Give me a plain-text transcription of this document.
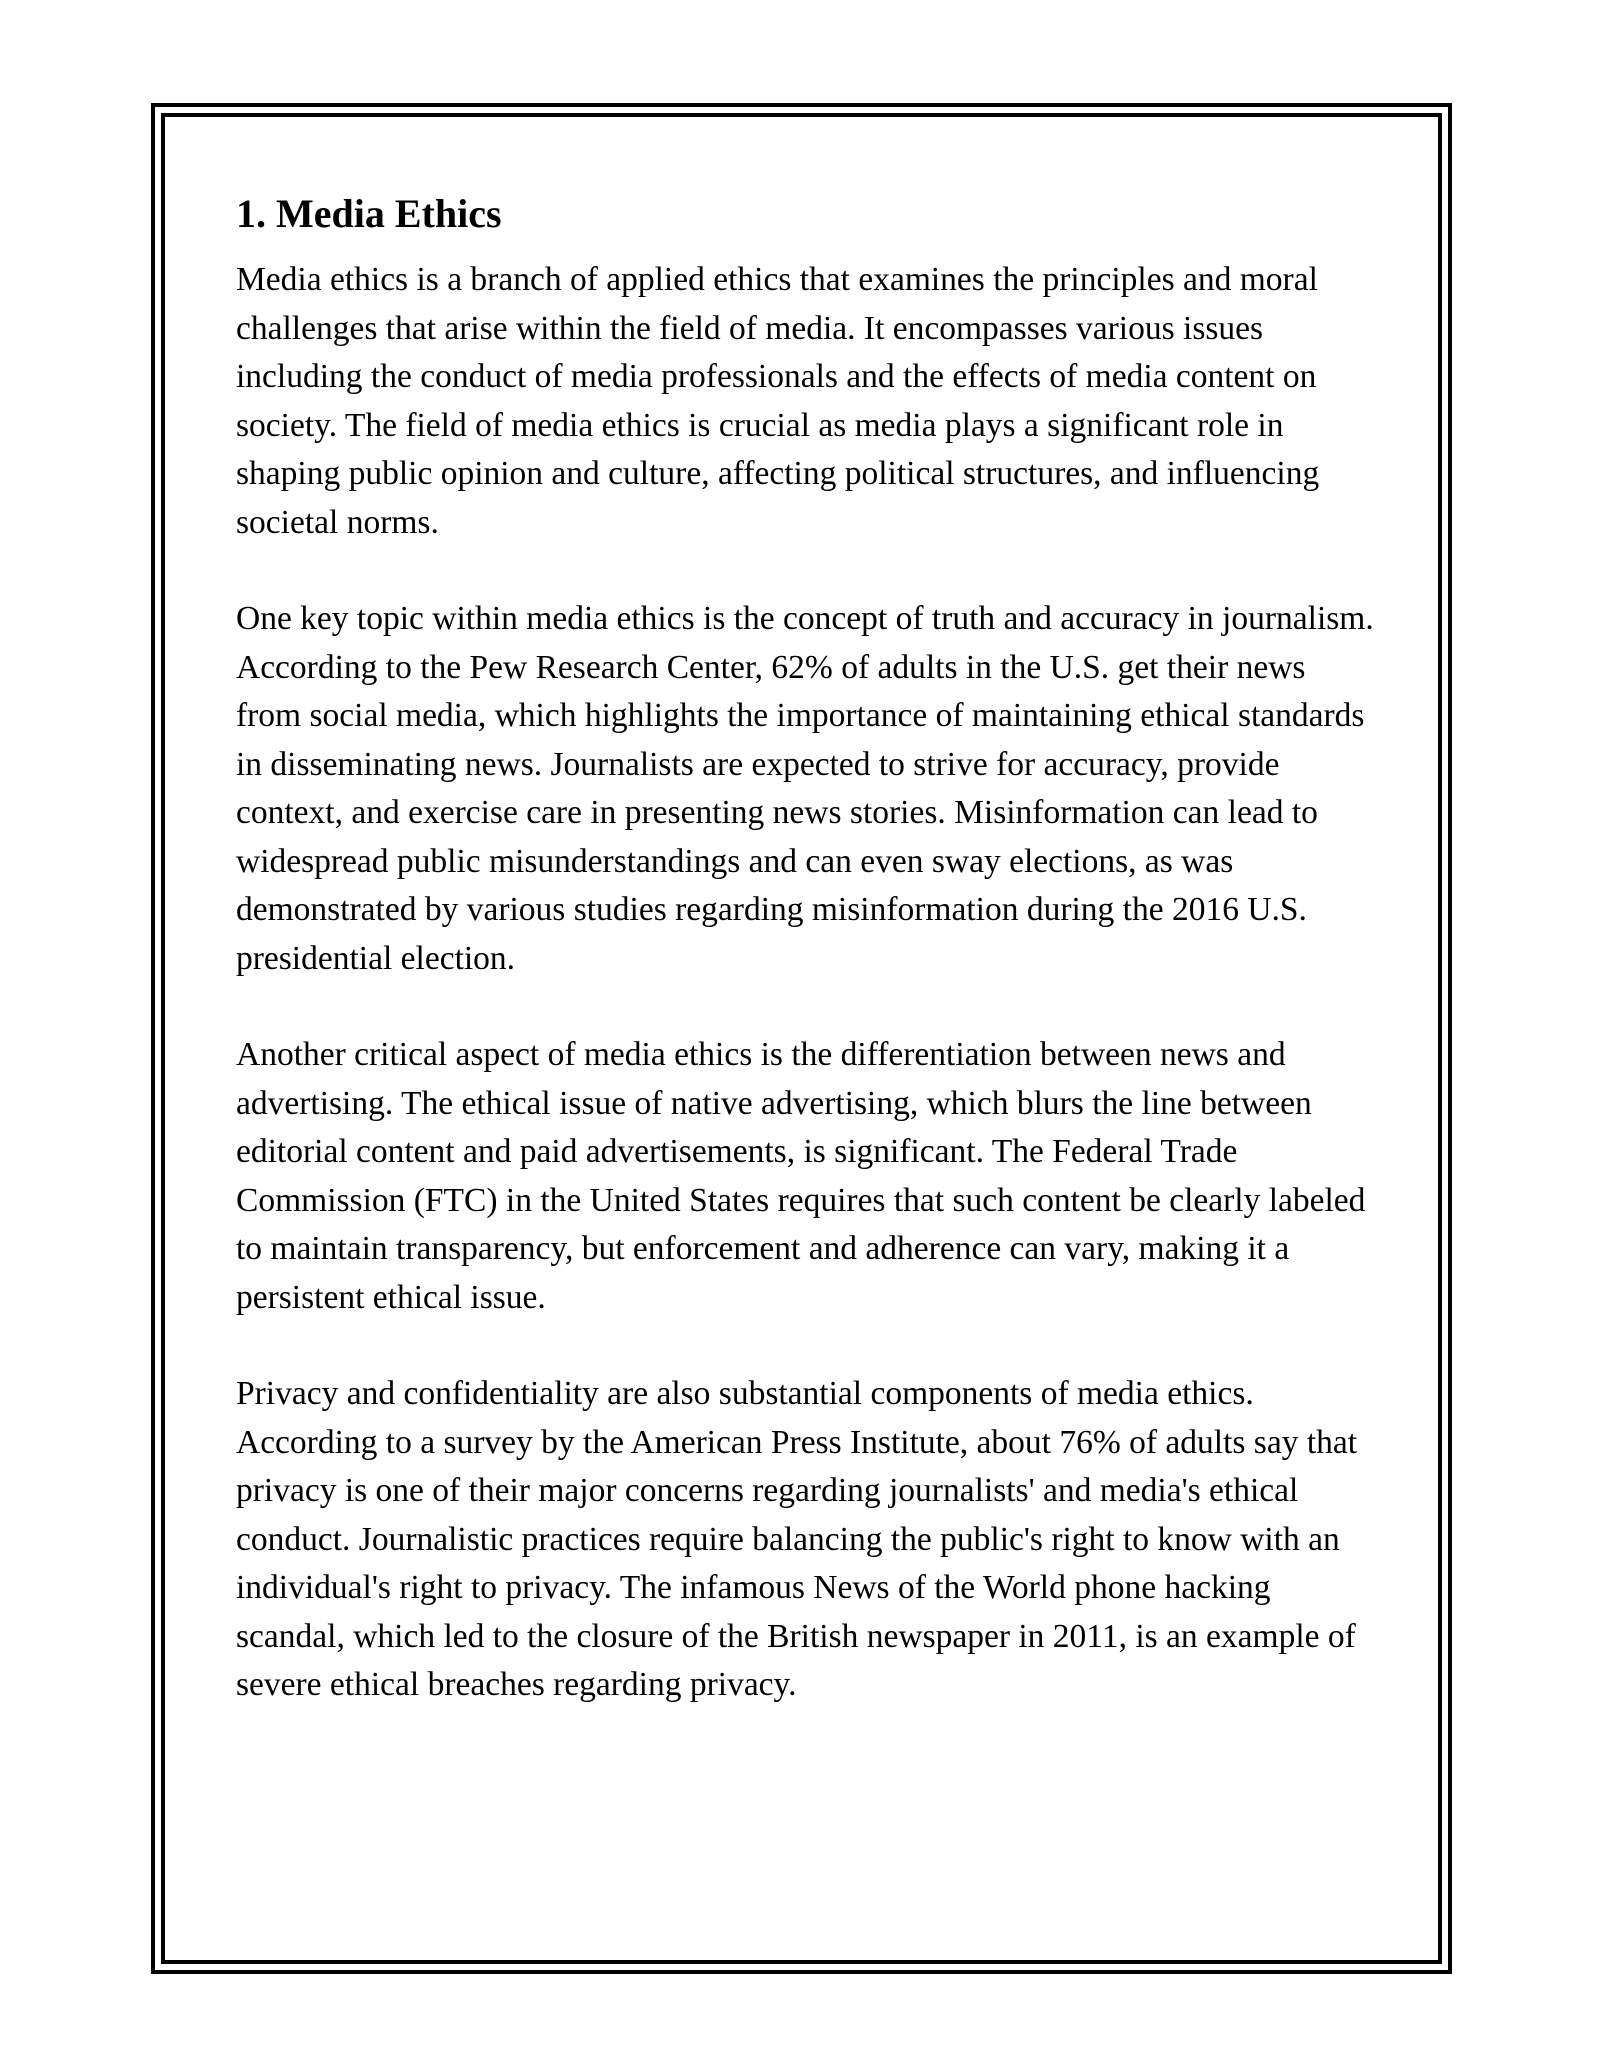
1. Media Ethics

Media ethics is a branch of applied ethics that examines the principles and moral challenges that arise within the field of media. It encompasses various issues including the conduct of media professionals and the effects of media content on society. The field of media ethics is crucial as media plays a significant role in shaping public opinion and culture, affecting political structures, and influencing societal norms.

One key topic within media ethics is the concept of truth and accuracy in journalism. According to the Pew Research Center, 62% of adults in the U.S. get their news from social media, which highlights the importance of maintaining ethical standards in disseminating news. Journalists are expected to strive for accuracy, provide context, and exercise care in presenting news stories. Misinformation can lead to widespread public misunderstandings and can even sway elections, as was demonstrated by various studies regarding misinformation during the 2016 U.S. presidential election.

Another critical aspect of media ethics is the differentiation between news and advertising. The ethical issue of native advertising, which blurs the line between editorial content and paid advertisements, is significant. The Federal Trade Commission (FTC) in the United States requires that such content be clearly labeled to maintain transparency, but enforcement and adherence can vary, making it a persistent ethical issue.

Privacy and confidentiality are also substantial components of media ethics. According to a survey by the American Press Institute, about 76% of adults say that privacy is one of their major concerns regarding journalists' and media's ethical conduct. Journalistic practices require balancing the public's right to know with an individual's right to privacy. The infamous News of the World phone hacking scandal, which led to the closure of the British newspaper in 2011, is an example of severe ethical breaches regarding privacy.
